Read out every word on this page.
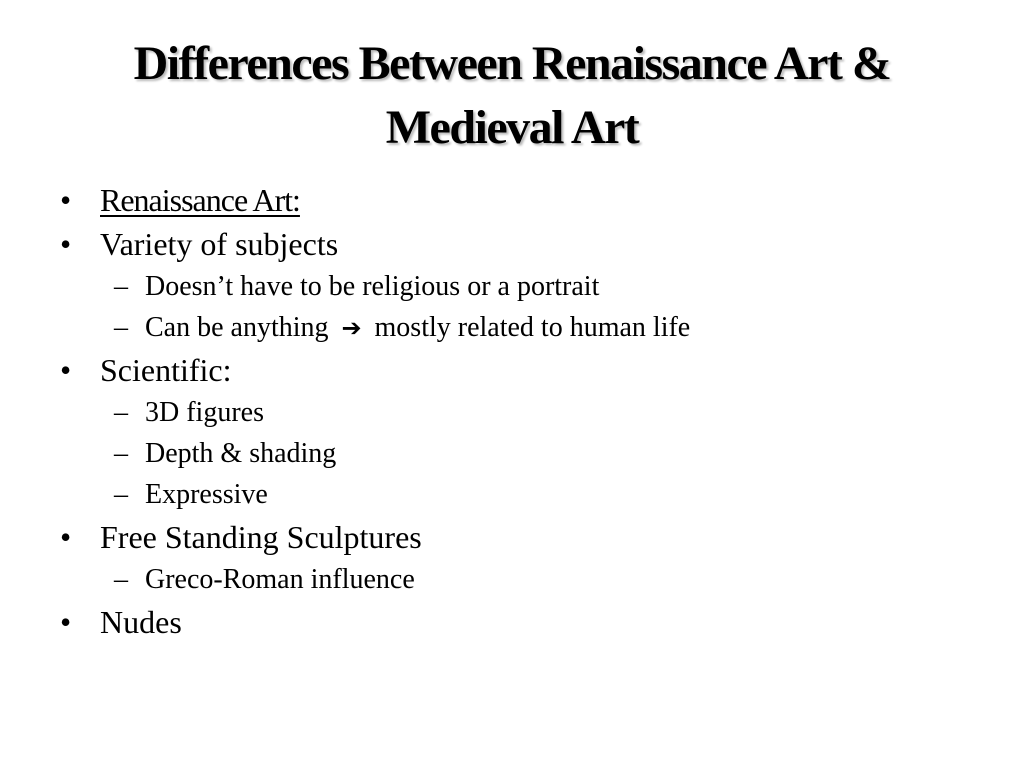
Differences Between Renaissance Art &
Medieval Art
• Renaissance Art:
• Variety of subjects
– Doesn’t have to be religious or a portrait
– Can be anything ➔ mostly related to human life
• Scientific:
– 3D figures
– Depth & shading
– Expressive
• Free Standing Sculptures
– Greco-Roman influence
• Nudes
